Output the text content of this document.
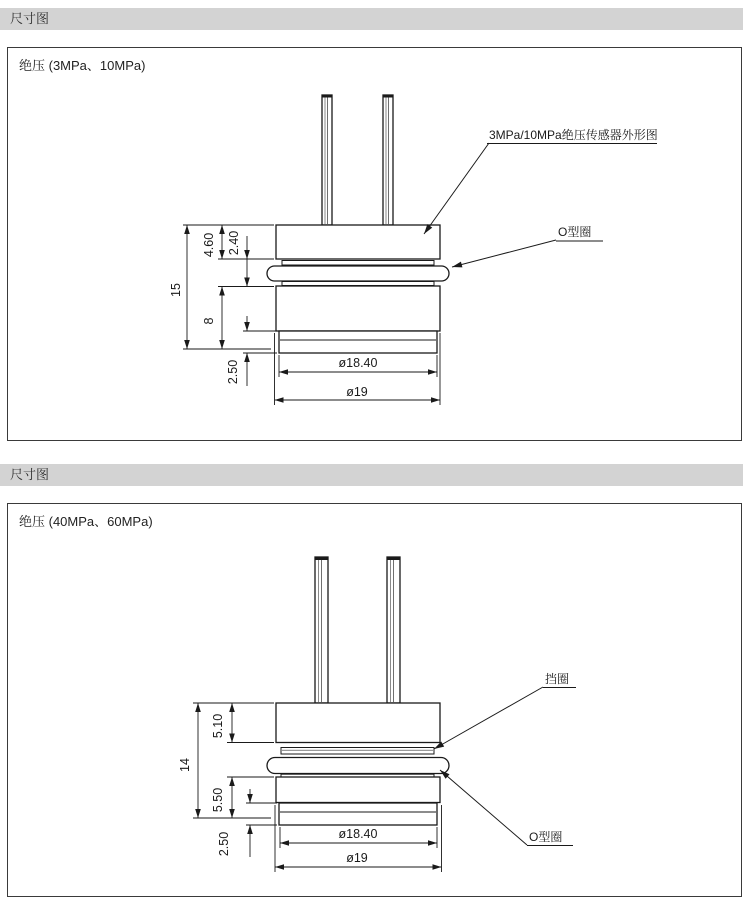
尺寸图
绝压 (3MPa、10MPa)
尺寸图
绝压 (40MPa、60MPa)
15
4.60 2.40
8
2.50	ø18.40
ø19
3MPa/10MPa绝压传感器外形图
O型圈
14
5.10
5.50
2.50	ø18.40
ø19
挡圈
O型圈
